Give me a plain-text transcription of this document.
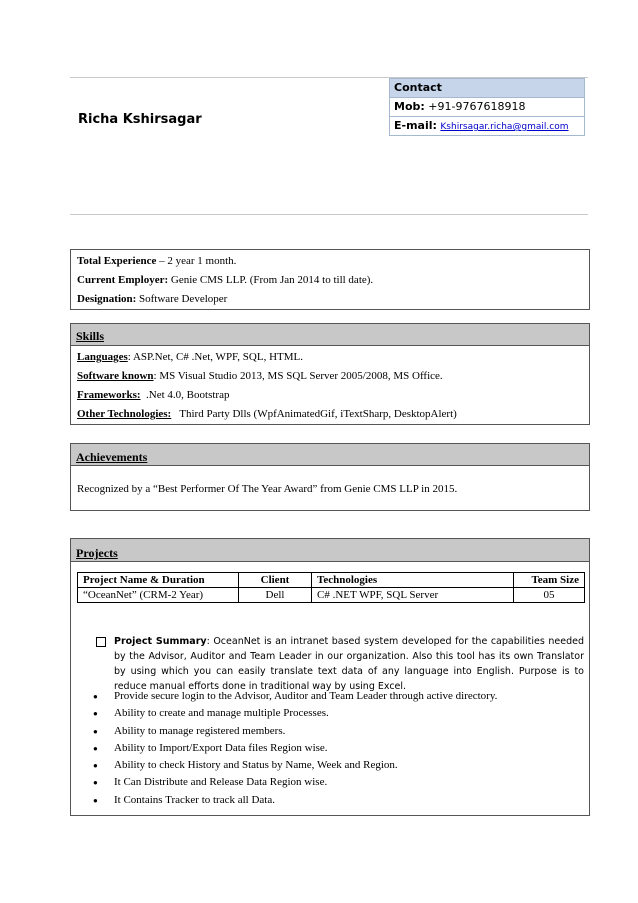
Richa Kshirsagar
Contact
Mob: +91-9767618918
E-mail: Kshirsagar.richa@gmail.com
Total Experience – 2 year 1 month.
Current Employer: Genie CMS LLP. (From Jan 2014 to till date).
Designation: Software Developer
Skills
Languages: ASP.Net, C# .Net, WPF, SQL, HTML.
Software known: MS Visual Studio 2013, MS SQL Server 2005/2008, MS Office.
Frameworks:  .Net 4.0, Bootstrap
Other Technologies:   Third Party Dlls (WpfAnimatedGif, iTextSharp, DesktopAlert)
Achievements
Recognized by a “Best Performer Of The Year Award” from Genie CMS LLP in 2015.
Projects
Project Name & Duration	Client	Technologies	Team Size
“OceanNet” (CRM-2 Year)	Dell	C# .NET WPF, SQL Server	05
Project Summary: OceanNet is an intranet based system developed for the capabilities needed by the Advisor, Auditor and Team Leader in our organization. Also this tool has its own Translator by using which you can easily translate text data of any language into English. Purpose is to reduce manual efforts done in traditional way by using Excel.
● Provide secure login to the Advisor, Auditor and Team Leader through active directory.
● Ability to create and manage multiple Processes.
● Ability to manage registered members.
● Ability to Import/Export Data files Region wise.
● Ability to check History and Status by Name, Week and Region.
● It Can Distribute and Release Data Region wise.
● It Contains Tracker to track all Data.
